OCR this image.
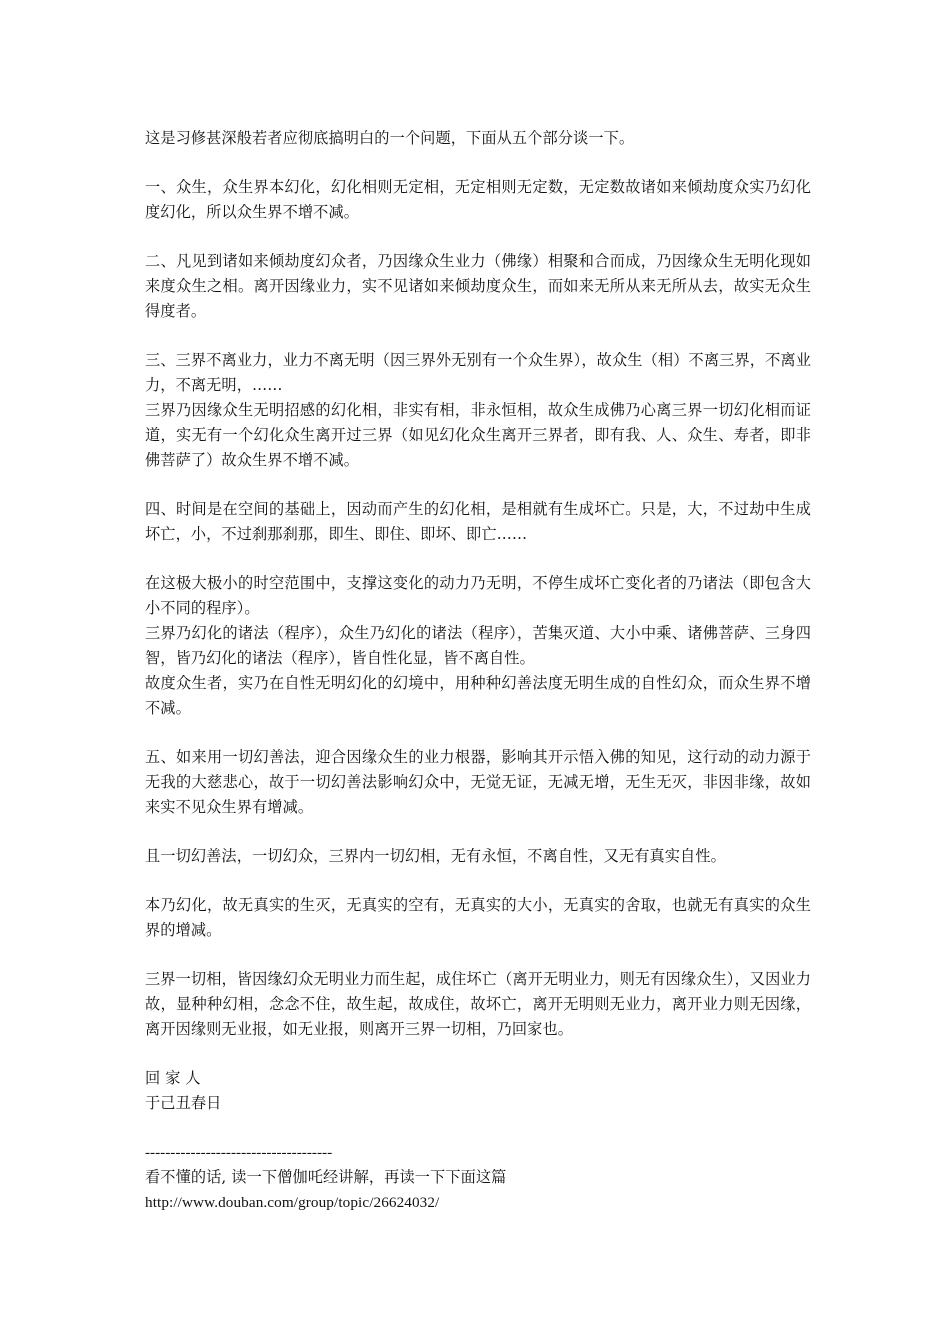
这是习修甚深般若者应彻底搞明白的一个问题，下面从五个部分谈一下。

一、众生，众生界本幻化，幻化相则无定相，无定相则无定数，无定数故诸如来倾劫度众实乃幻化度幻化，所以众生界不增不减。

二、凡见到诸如来倾劫度幻众者，乃因缘众生业力（佛缘）相聚和合而成，乃因缘众生无明化现如来度众生之相。离开因缘业力，实不见诸如来倾劫度众生，而如来无所从来无所从去，故实无众生得度者。

三、三界不离业力，业力不离无明（因三界外无别有一个众生界），故众生（相）不离三界，不离业力，不离无明，……

三界乃因缘众生无明招感的幻化相，非实有相，非永恒相，故众生成佛乃心离三界一切幻化相而证道，实无有一个幻化众生离开过三界（如见幻化众生离开三界者，即有我、人、众生、寿者，即非佛菩萨了）故众生界不增不减。

四、时间是在空间的基础上，因动而产生的幻化相，是相就有生成坏亡。只是，大，不过劫中生成坏亡，小，不过刹那刹那，即生、即住、即坏、即亡……

在这极大极小的时空范围中，支撑这变化的动力乃无明，不停生成坏亡变化者的乃诸法（即包含大小不同的程序）。

三界乃幻化的诸法（程序），众生乃幻化的诸法（程序），苦集灭道、大小中乘、诸佛菩萨、三身四智，皆乃幻化的诸法（程序），皆自性化显，皆不离自性。

故度众生者，实乃在自性无明幻化的幻境中，用种种幻善法度无明生成的自性幻众，而众生界不增不减。

五、如来用一切幻善法，迎合因缘众生的业力根器，影响其开示悟入佛的知见，这行动的动力源于无我的大慈悲心，故于一切幻善法影响幻众中，无觉无证，无减无增，无生无灭，非因非缘，故如来实不见众生界有增减。

且一切幻善法，一切幻众，三界内一切幻相，无有永恒，不离自性，又无有真实自性。

本乃幻化，故无真实的生灭，无真实的空有，无真实的大小，无真实的舍取，也就无有真实的众生界的增减。

三界一切相，皆因缘幻众无明业力而生起，成住坏亡（离开无明业力，则无有因缘众生），又因业力故，显种种幻相，念念不住，故生起，故成住，故坏亡，离开无明则无业力，离开业力则无因缘，离开因缘则无业报，如无业报，则离开三界一切相，乃回家也。

回家人

于己丑春日

-------------------------------------

看不懂的话, 读一下僧伽吒经讲解，再读一下下面这篇

http://www.douban.com/group/topic/26624032/
